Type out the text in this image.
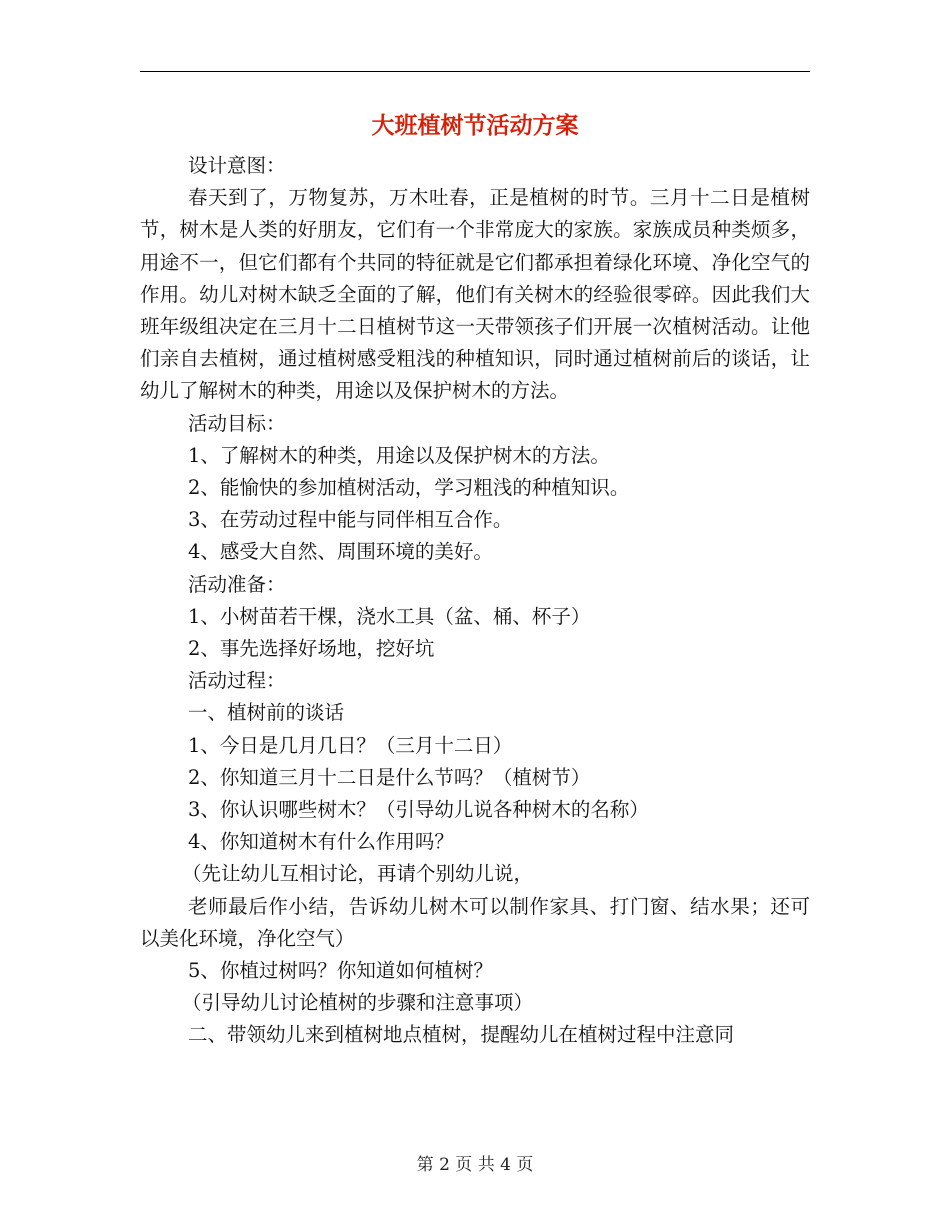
大班植树节活动方案

设计意图：

春天到了，万物复苏，万木吐春，正是植树的时节。三月十二日是植树节，树木是人类的好朋友，它们有一个非常庞大的家族。家族成员种类烦多，用途不一，但它们都有个共同的特征就是它们都承担着绿化环境、净化空气的作用。幼儿对树木缺乏全面的了解，他们有关树木的经验很零碎。因此我们大班年级组决定在三月十二日植树节这一天带领孩子们开展一次植树活动。让他们亲自去植树，通过植树感受粗浅的种植知识，同时通过植树前后的谈话，让幼儿了解树木的种类，用途以及保护树木的方法。

活动目标：

1、了解树木的种类，用途以及保护树木的方法。

2、能愉快的参加植树活动，学习粗浅的种植知识。

3、在劳动过程中能与同伴相互合作。

4、感受大自然、周围环境的美好。

活动准备：

1、小树苗若干棵，浇水工具（盆、桶、杯子）

2、事先选择好场地，挖好坑

活动过程：

一、植树前的谈话

1、今日是几月几日？（三月十二日）

2、你知道三月十二日是什么节吗？（植树节）

3、你认识哪些树木？（引导幼儿说各种树木的名称）

4、你知道树木有什么作用吗？

（先让幼儿互相讨论，再请个别幼儿说，

老师最后作小结，告诉幼儿树木可以制作家具、打门窗、结水果；还可以美化环境，净化空气）

5、你植过树吗？你知道如何植树？

（引导幼儿讨论植树的步骤和注意事项）

二、带领幼儿来到植树地点植树，提醒幼儿在植树过程中注意同

第 2 页 共 4 页
